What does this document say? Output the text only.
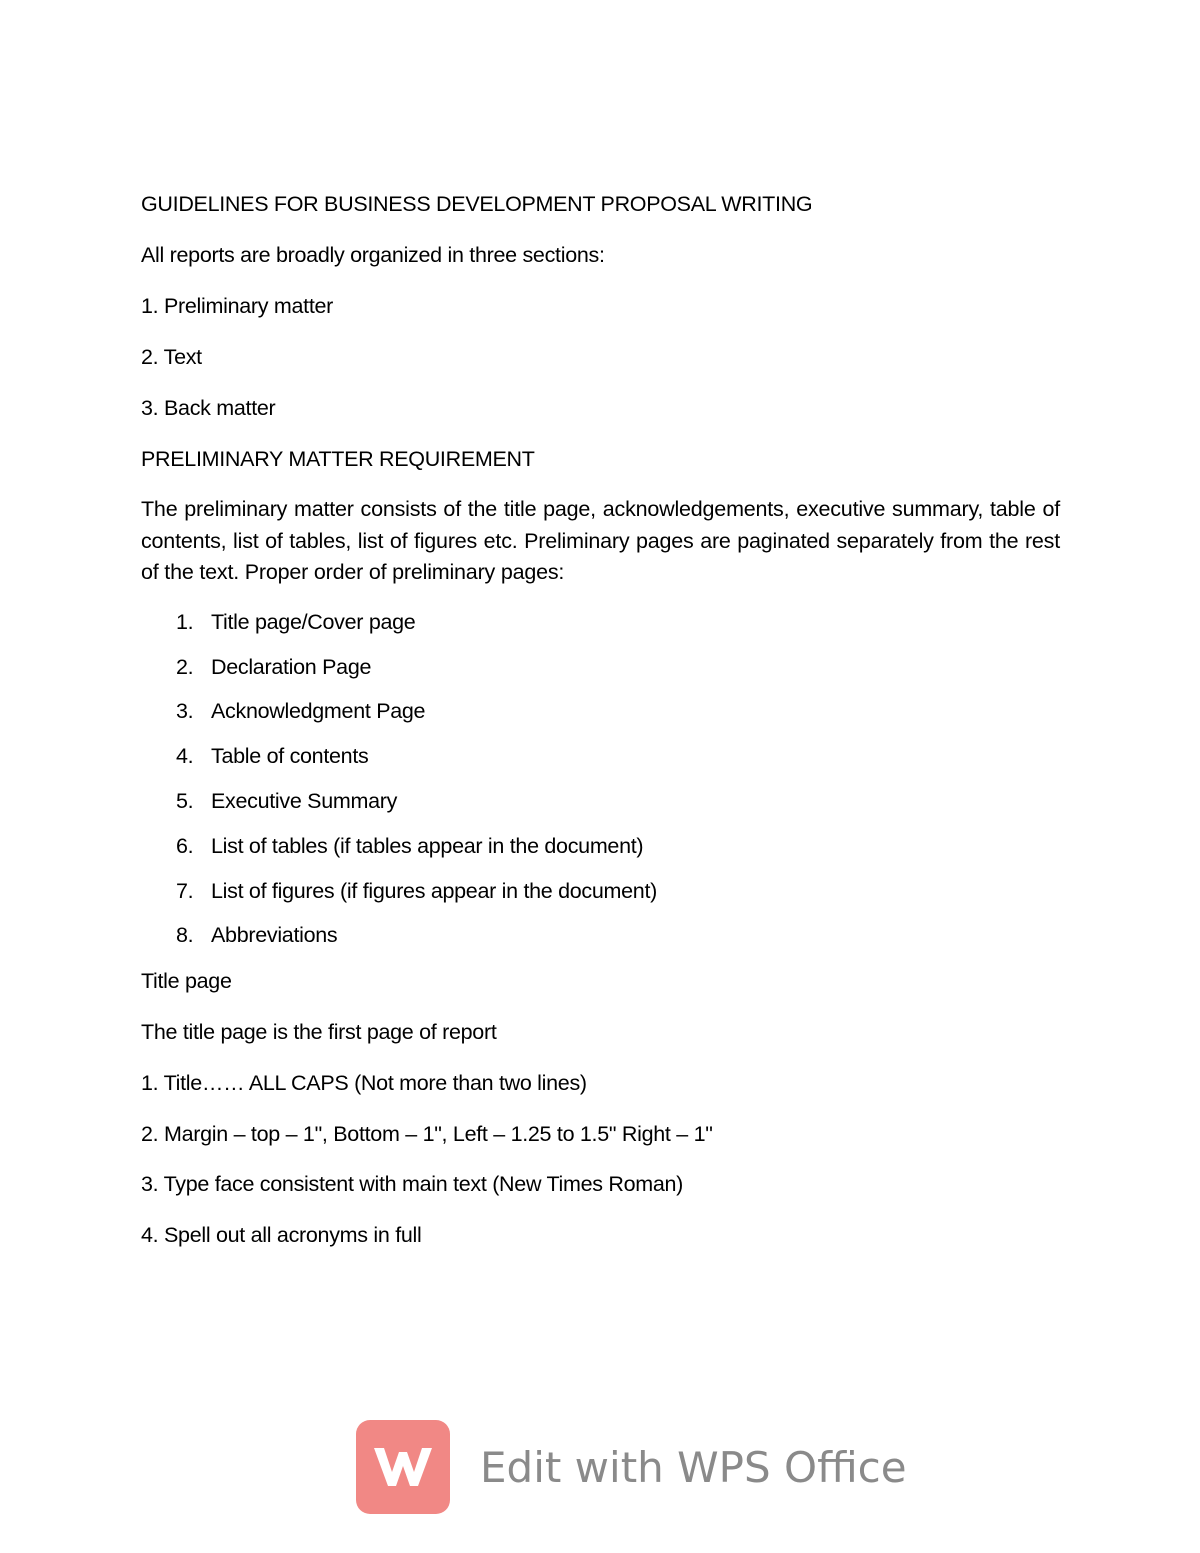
GUIDELINES FOR BUSINESS DEVELOPMENT PROPOSAL WRITING
All reports are broadly organized in three sections:
1. Preliminary matter
2. Text
3. Back matter
PRELIMINARY MATTER REQUIREMENT
The preliminary matter consists of the title page, acknowledgements, executive summary, table of contents, list of tables, list of figures etc. Preliminary pages are paginated separately from the rest of the text. Proper order of preliminary pages:
1. Title page/Cover page
2. Declaration Page
3. Acknowledgment Page
4. Table of contents
5. Executive Summary
6. List of tables (if tables appear in the document)
7. List of figures (if figures appear in the document)
8. Abbreviations
Title page
The title page is the first page of report
1. Title…… ALL CAPS (Not more than two lines)
2. Margin – top – 1", Bottom – 1", Left – 1.25 to 1.5" Right – 1"
3. Type face consistent with main text (New Times Roman)
4. Spell out all acronyms in full
Edit with WPS Office
